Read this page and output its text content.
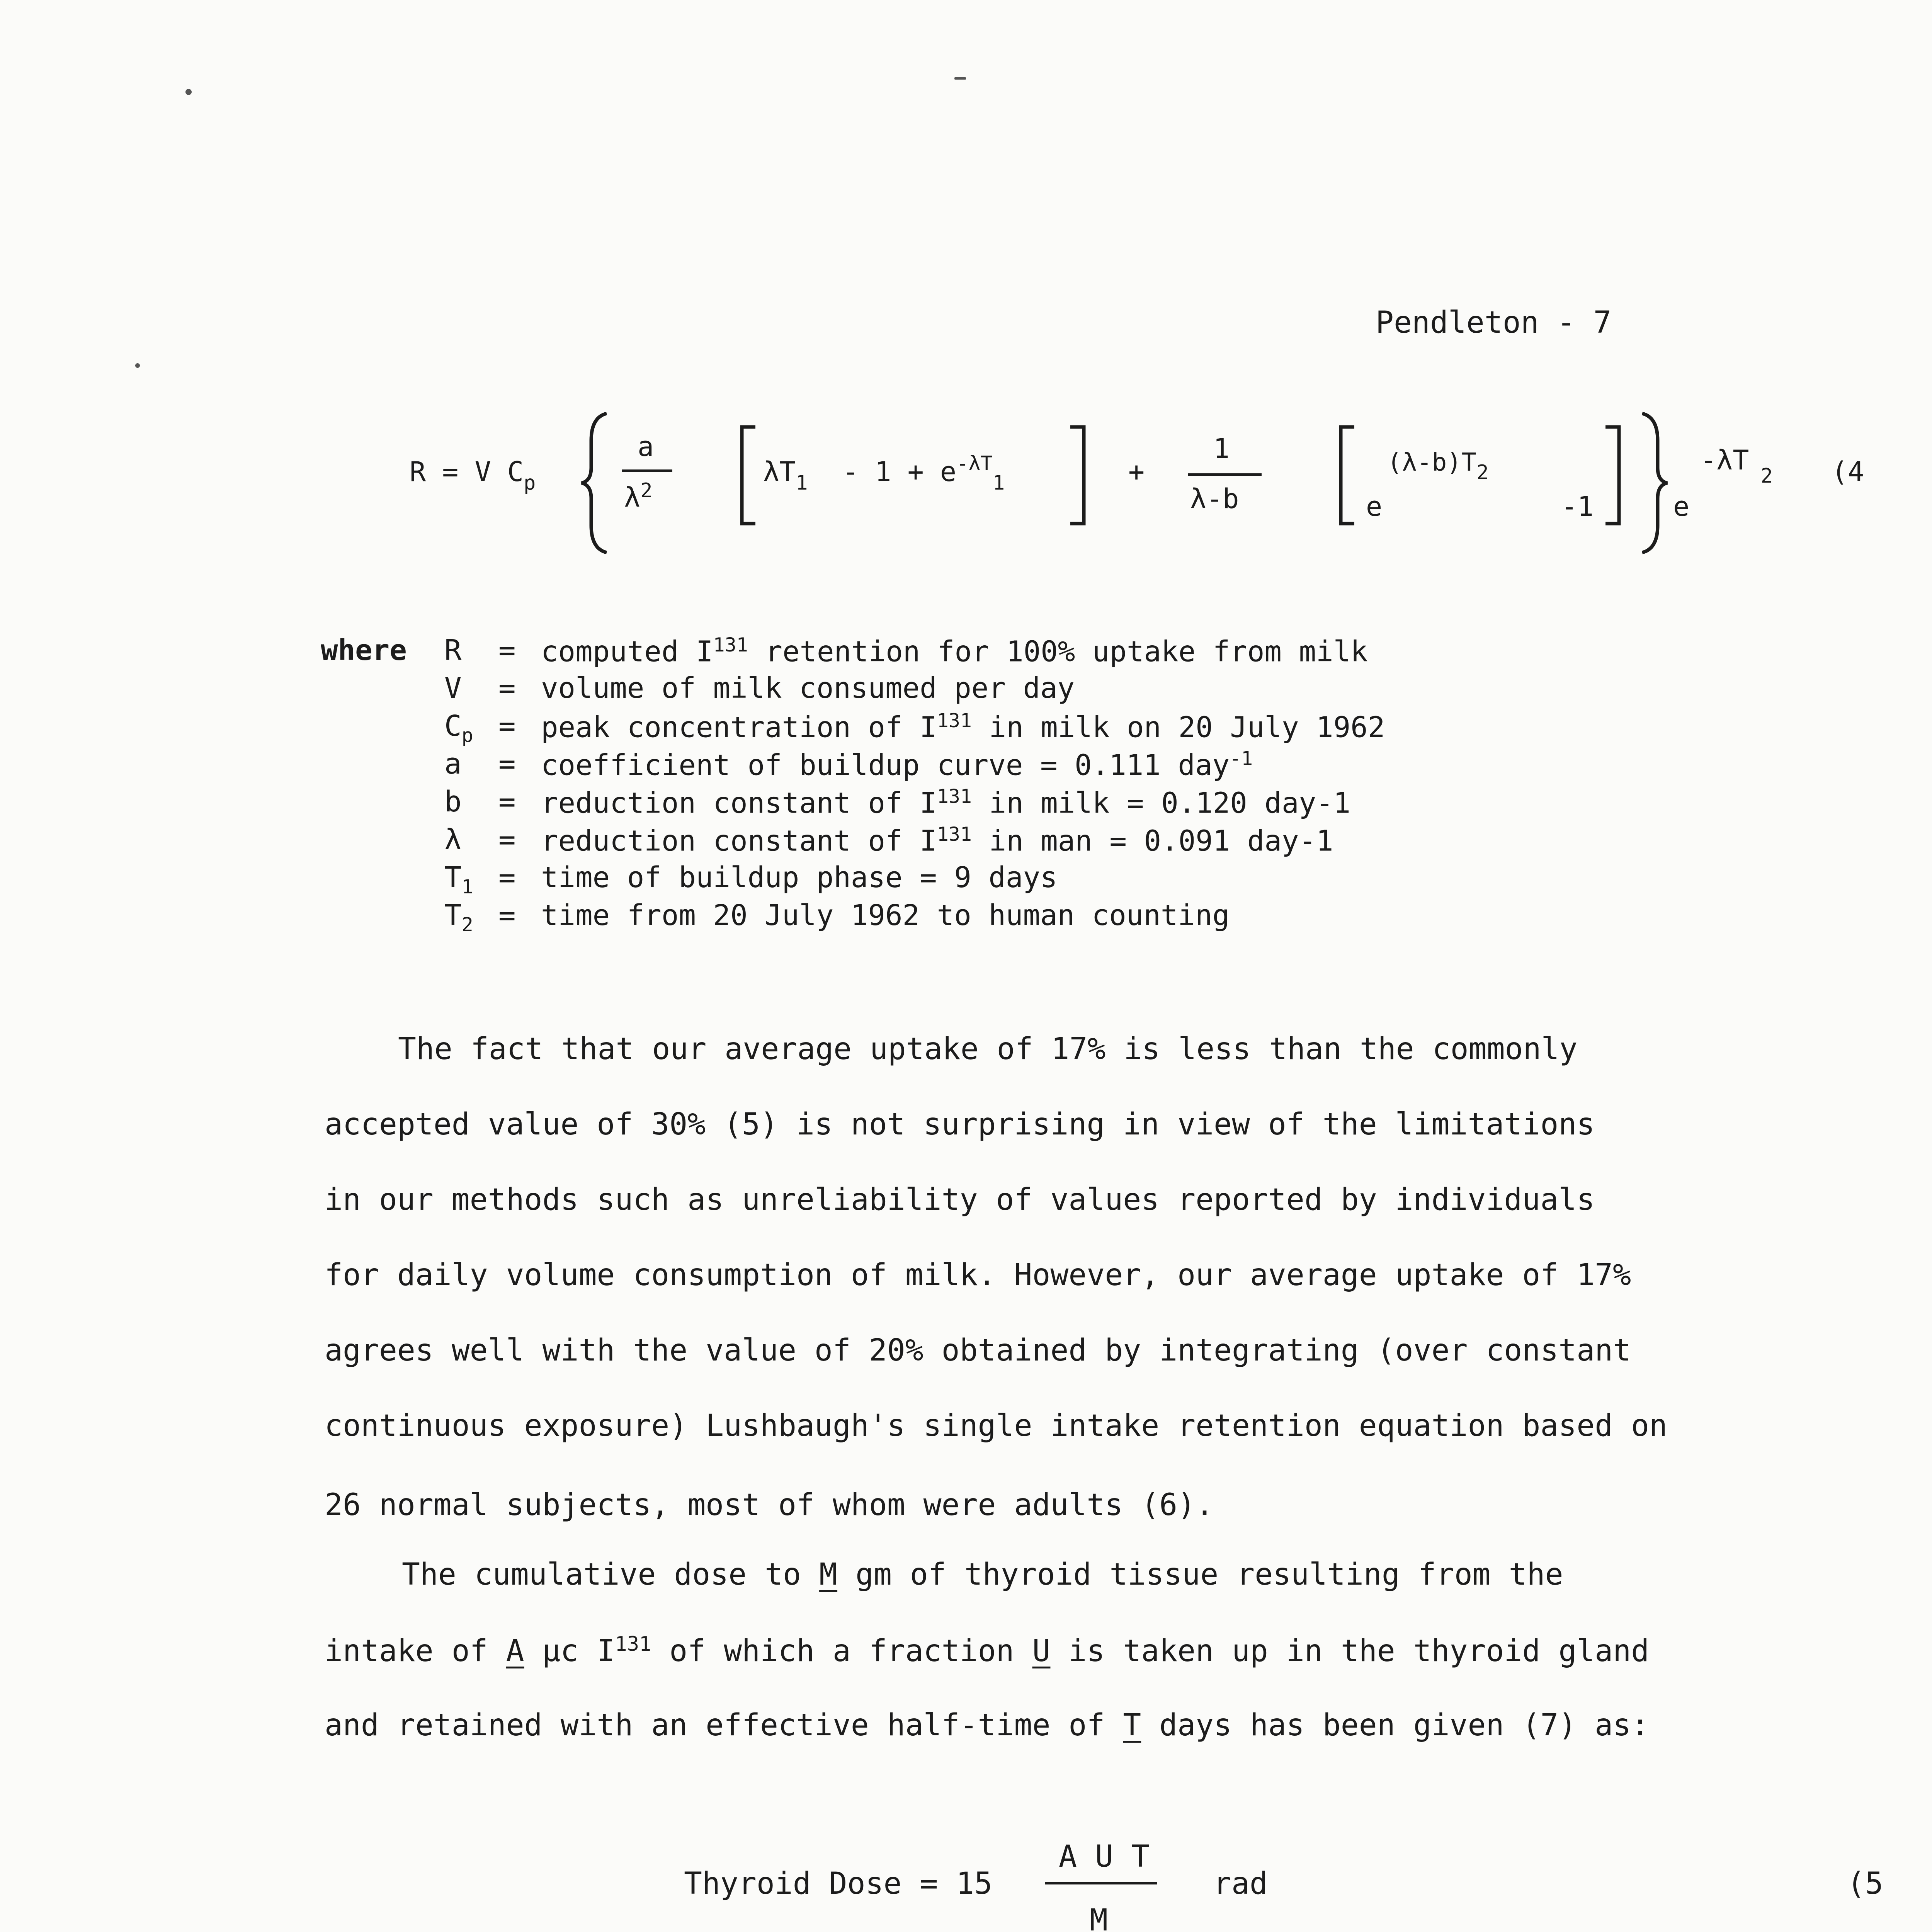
Pendleton - 7
R = V $C_p$
a
$\lambda^2$
$\lambda T_1 - 1 + e^{-\lambda T}_1$	+
1
λ-b	e
$(\lambda-b)T_2$
-1	e
-λT $_2$ (4
where R = computed $I^{131}$ retention for 100% uptake from milk
V = volume of milk consumed per day
$C_p$ = peak concentration of $I^{131}$ in milk on 20 July 1962
a = coefficient of buildup curve = 0.111 day$^{-1}$
b = reduction constant of $I^{131}$ in milk = 0.120 day-1
λ = reduction constant of $I^{131}$ in man = 0.091 day-1
$T_1$ = time of buildup phase = 9 days
$T_2$ = time from 20 July 1962 to human counting
The fact that our average uptake of 17% is less than the commonly
accepted value of 30% (5) is not surprising in view of the limitations
in our methods such as unreliability of values reported by individuals
for daily volume consumption of milk. However, our average uptake of 17%
agrees well with the value of 20% obtained by integrating (over constant
continuous exposure) Lushbaugh's single intake retention equation based on
26 normal subjects, most of whom were adults (6).
The cumulative dose to M gm of thyroid tissue resulting from the
intake of A μc $I^{131}$ of which a fraction U is taken up in the thyroid gland
and retained with an effective half-time of T days has been given (7) as:
Thyroid Dose = 15
A U T
M
rad	(5
